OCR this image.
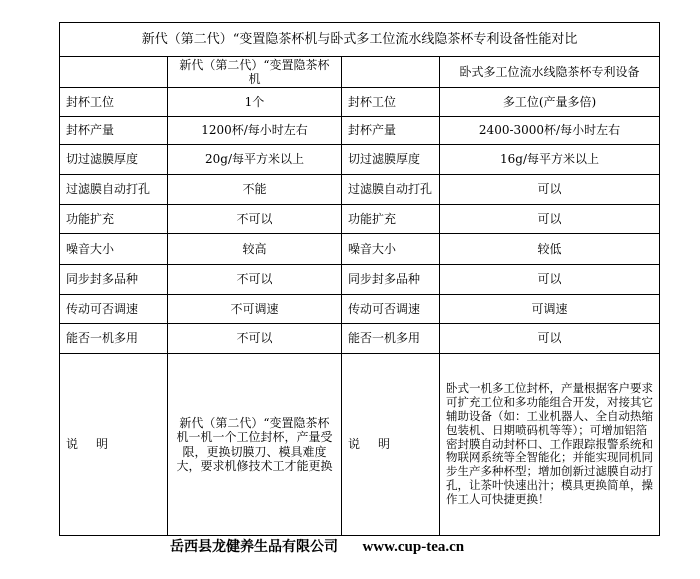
新代（第二代）“变置隐茶杯机与卧式多工位流水线隐茶杯专利设备性能对比			
	新代（第二代）“变置隐茶杯机		卧式多工位流水线隐茶杯专利设备
封杯工位	1个	封杯工位	多工位(产量多倍)
封杯产量	1200杯/每小时左右	封杯产量	2400-3000杯/每小时左右
切过滤膜厚度	20g/每平方米以上	切过滤膜厚度	16g/每平方米以上
过滤膜自动打孔	不能	过滤膜自动打孔	可以
功能扩充	不可以	功能扩充	可以
噪音大小	较高	噪音大小	较低
同步封多品种	不可以	同步封多品种	可以
传动可否调速	不可调速	传动可否调速	可调速
能否一机多用	不可以	能否一机多用	可以
说明	新代（第二代）“变置隐茶杯机一机一个工位封杯，产量受限，更换切膜刀、模具难度大，要求机修技术工才能更换	说明	卧式一机多工位封杯，产量根据客户要求可扩充工位和多功能组合开发，对接其它辅助设备（如：工业机器人、全自动热缩包装机、日期喷码机等等）；可增加铝箔密封膜自动封杯口、工作跟踪报警系统和物联网系统等全智能化；并能实现同机同步生产多种杯型；增加创新过滤膜自动打孔，让茶叶快速出汁；模具更换简单，操作工人可快捷更换！
岳西县龙健养生品有限公司 www.cup-tea.cn
